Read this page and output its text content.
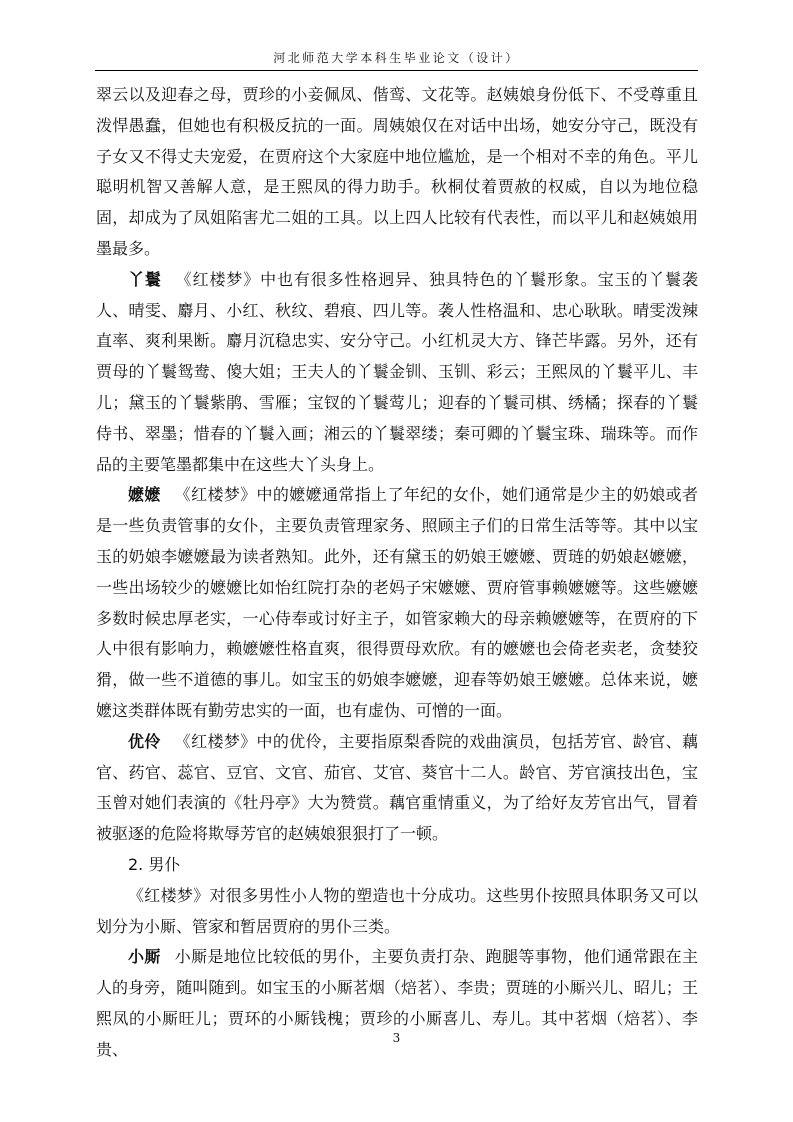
河北师范大学本科生毕业论文（设计）

翠云以及迎春之母，贾珍的小妾佩凤、偕鸾、文花等。赵姨娘身份低下、不受尊重且泼悍愚蠢，但她也有积极反抗的一面。周姨娘仅在对话中出场，她安分守己，既没有子女又不得丈夫宠爱，在贾府这个大家庭中地位尴尬，是一个相对不幸的角色。平儿聪明机智又善解人意，是王熙凤的得力助手。秋桐仗着贾赦的权威，自以为地位稳固，却成为了凤姐陷害尤二姐的工具。以上四人比较有代表性，而以平儿和赵姨娘用墨最多。

丫鬟 《红楼梦》中也有很多性格迥异、独具特色的丫鬟形象。宝玉的丫鬟袭人、晴雯、麝月、小红、秋纹、碧痕、四儿等。袭人性格温和、忠心耿耿。晴雯泼辣直率、爽利果断。麝月沉稳忠实、安分守己。小红机灵大方、锋芒毕露。另外，还有贾母的丫鬟鸳鸯、傻大姐；王夫人的丫鬟金钏、玉钏、彩云；王熙凤的丫鬟平儿、丰儿；黛玉的丫鬟紫鹃、雪雁；宝钗的丫鬟莺儿；迎春的丫鬟司棋、绣橘；探春的丫鬟侍书、翠墨；惜春的丫鬟入画；湘云的丫鬟翠缕；秦可卿的丫鬟宝珠、瑞珠等。而作品的主要笔墨都集中在这些大丫头身上。

嬷嬷 《红楼梦》中的嬷嬷通常指上了年纪的女仆，她们通常是少主的奶娘或者是一些负责管事的女仆，主要负责管理家务、照顾主子们的日常生活等等。其中以宝玉的奶娘李嬷嬷最为读者熟知。此外，还有黛玉的奶娘王嬷嬷、贾琏的奶娘赵嬷嬷，一些出场较少的嬷嬷比如怡红院打杂的老妈子宋嬷嬷、贾府管事赖嬷嬷等。这些嬷嬷多数时候忠厚老实，一心侍奉或讨好主子，如管家赖大的母亲赖嬷嬷等，在贾府的下人中很有影响力，赖嬷嬷性格直爽，很得贾母欢欣。有的嬷嬷也会倚老卖老，贪婪狡猾，做一些不道德的事儿。如宝玉的奶娘李嬷嬷，迎春等奶娘王嬷嬷。总体来说，嬷嬷这类群体既有勤劳忠实的一面，也有虚伪、可憎的一面。

优伶 《红楼梦》中的优伶，主要指原梨香院的戏曲演员，包括芳官、龄官、藕官、药官、蕊官、豆官、文官、茄官、艾官、葵官十二人。龄官、芳官演技出色，宝玉曾对她们表演的《牡丹亭》大为赞赏。藕官重情重义，为了给好友芳官出气，冒着被驱逐的危险将欺辱芳官的赵姨娘狠狠打了一顿。

2. 男仆

《红楼梦》对很多男性小人物的塑造也十分成功。这些男仆按照具体职务又可以划分为小厮、管家和暂居贾府的男仆三类。

小厮 小厮是地位比较低的男仆，主要负责打杂、跑腿等事物，他们通常跟在主人的身旁，随叫随到。如宝玉的小厮茗烟（焙茗）、李贵；贾琏的小厮兴儿、昭儿；王熙凤的小厮旺儿；贾环的小厮钱槐；贾珍的小厮喜儿、寿儿。其中茗烟（焙茗）、李贵、

3
